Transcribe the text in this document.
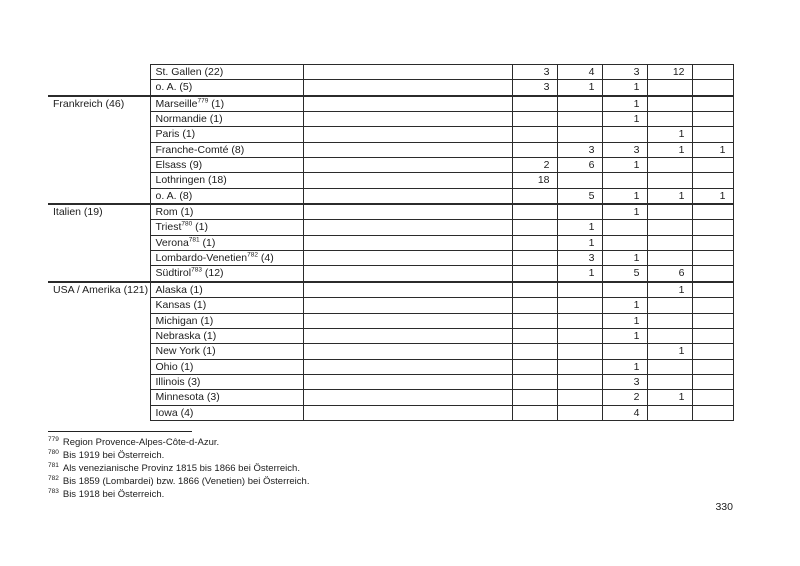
	St. Gallen (22)		3	4	3	12	
	o. A. (5)		3	1	1		
Frankreich (46)	Marseille$^{779}$ (1)				1		
	Normandie (1)				1		
	Paris (1)					1	
	Franche-Comté (8)			3	3	1	1
	Elsass (9)		2	6	1		
	Lothringen (18)		18				
	o. A. (8)			5	1	1	1
Italien (19)	Rom (1)				1		
	Triest$^{780}$ (1)			1			
	Verona$^{781}$ (1)			1			
	Lombardo-Venetien$^{782}$ (4)			3	1		
	Südtirol$^{783}$ (12)			1	5	6	
USA / Amerika (121)	Alaska (1)					1	
	Kansas (1)				1		
	Michigan (1)				1		
	Nebraska (1)				1		
	New York (1)					1	
	Ohio (1)				1		
	Illinois (3)				3		
	Minnesota (3)				2	1	
	Iowa (4)				4		
$^{779}$ Region Provence-Alpes-Côte-d-Azur.
$^{780}$ Bis 1919 bei Österreich.
$^{781}$ Als venezianische Provinz 1815 bis 1866 bei Österreich.
$^{782}$ Bis 1859 (Lombardei) bzw. 1866 (Venetien) bei Österreich.
$^{783}$ Bis 1918 bei Österreich.
330
